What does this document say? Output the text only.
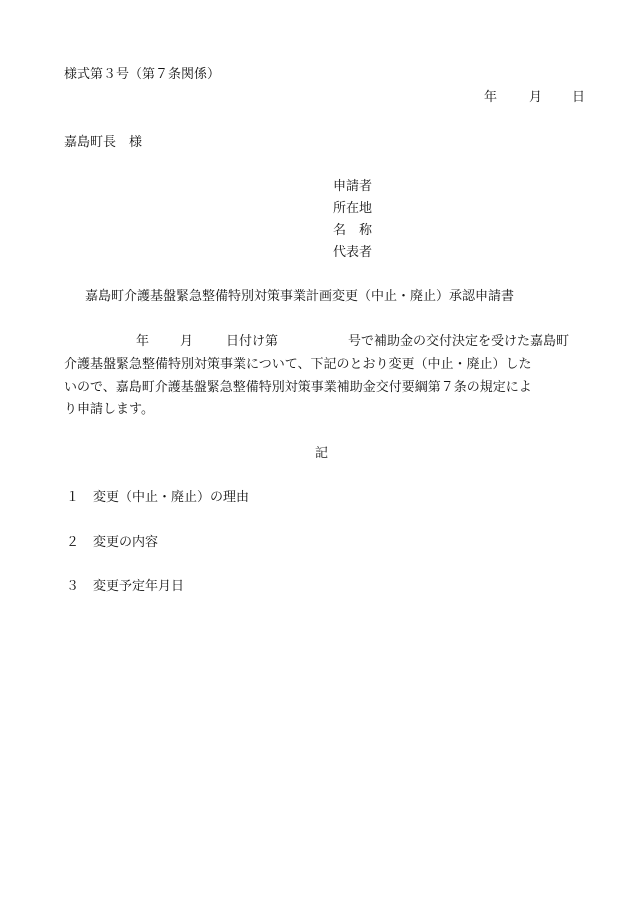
様式第３号（第７条関係）
年 月 日
嘉島町長　様
申請者
所在地
名　称
代表者
嘉島町介護基盤緊急整備特別対策事業計画変更（中止・廃止）承認申請書
年 月	日付け第	号で補助金の交付決定を受けた嘉島町
介護基盤緊急整備特別対策事業について、下記のとおり変更（中止・廃止）した
いので、嘉島町介護基盤緊急整備特別対策事業補助金交付要綱第７条の規定によ
り申請します。
記
１ 変更（中止・廃止）の理由
２ 変更の内容
３ 変更予定年月日
